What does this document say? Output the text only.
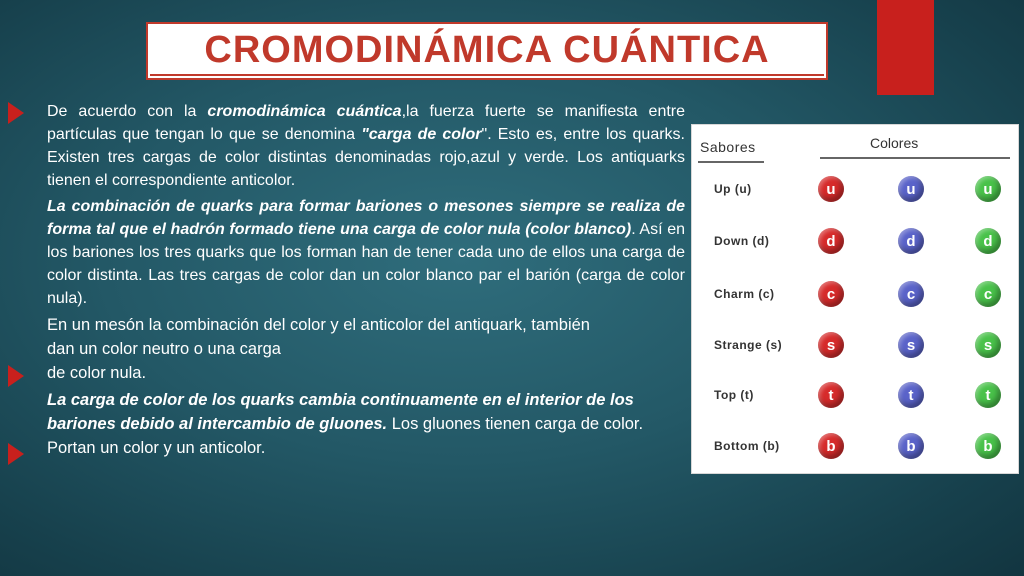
CROMODINÁMICA CUÁNTICA

De acuerdo con la cromodinámica cuántica,la fuerza fuerte se manifiesta entre partículas que tengan lo que se denomina "carga de color". Esto es, entre los quarks. Existen tres cargas de color distintas denominadas rojo,azul y verde. Los antiquarks tienen el correspondiente anticolor.

La combinación de quarks para formar bariones o mesones siempre se realiza de forma tal que el hadrón formado tiene una carga de color nula (color blanco). Así en los bariones los tres quarks que los forman han de tener cada uno de ellos una carga de color distinta. Las tres cargas de color dan un color blanco par el barión (carga de color nula).

En un mesón la combinación del color y el anticolor del antiquark, también
dan un color neutro o una carga
de color nula.

La carga de color de los quarks cambia continuamente en el interior de los bariones debido al intercambio de gluones. Los gluones tienen carga de color. Portan un color y un anticolor.

Sabores	Colores
Up (u)	u	u	u
Down (d)	d	d	d
Charm (c)	c	c	c
Strange (s)	s	s	s
Top (t)	t	t	t
Bottom (b)	b	b	b
